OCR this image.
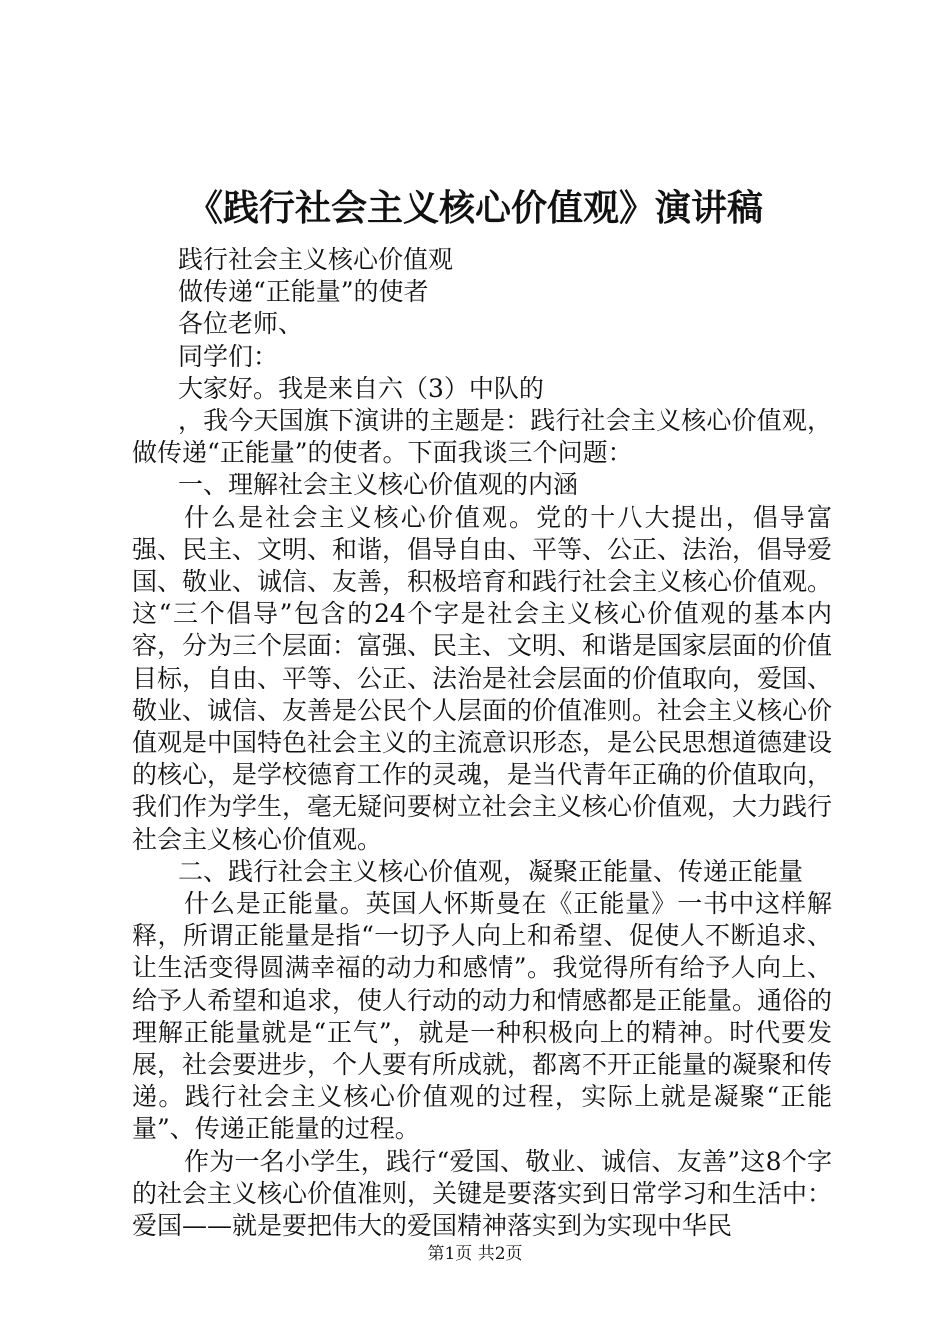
《践行社会主义核心价值观》演讲稿

践行社会主义核心价值观

做传递“正能量”的使者

各位老师、

同学们：

大家好。我是来自六（3）中队的

，我今天国旗下演讲的主题是：践行社会主义核心价值观，做传递“正能量”的使者。下面我谈三个问题：

一、理解社会主义核心价值观的内涵

什么是社会主义核心价值观。党的十八大提出，倡导富强、民主、文明、和谐，倡导自由、平等、公正、法治，倡导爱国、敬业、诚信、友善，积极培育和践行社会主义核心价值观。这“三个倡导”包含的24个字是社会主义核心价值观的基本内容，分为三个层面：富强、民主、文明、和谐是国家层面的价值目标，自由、平等、公正、法治是社会层面的价值取向，爱国、敬业、诚信、友善是公民个人层面的价值准则。社会主义核心价值观是中国特色社会主义的主流意识形态，是公民思想道德建设的核心，是学校德育工作的灵魂，是当代青年正确的价值取向，我们作为学生，毫无疑问要树立社会主义核心价值观，大力践行社会主义核心价值观。

二、践行社会主义核心价值观，凝聚正能量、传递正能量

什么是正能量。英国人怀斯曼在《正能量》一书中这样解释，所谓正能量是指“一切予人向上和希望、促使人不断追求、让生活变得圆满幸福的动力和感情”。我觉得所有给予人向上、给予人希望和追求，使人行动的动力和情感都是正能量。通俗的理解正能量就是“正气”，就是一种积极向上的精神。时代要发展，社会要进步，个人要有所成就，都离不开正能量的凝聚和传递。践行社会主义核心价值观的过程，实际上就是凝聚“正能量”、传递正能量的过程。

作为一名小学生，践行“爱国、敬业、诚信、友善”这8个字的社会主义核心价值准则，关键是要落实到日常学习和生活中：爱国——就是要把伟大的爱国精神落实到为实现中华民

第1页 共2页
